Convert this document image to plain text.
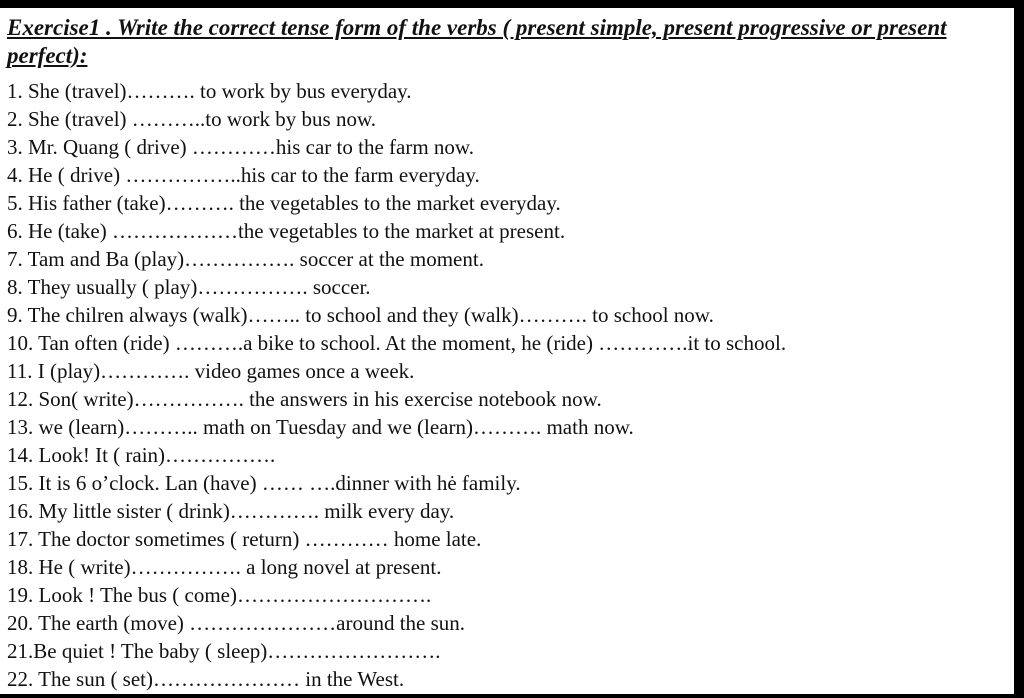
Exercise1 . Write the correct tense form of the verbs ( present simple, present progressive or present perfect):
1. She (travel)………. to work by bus everyday.
2. She (travel) ………..to work by bus now.
3. Mr. Quang ( drive) …………his car to the farm now.
4. He ( drive) ……………..his car to the farm everyday.
5. His father (take)………. the vegetables to the market everyday.
6. He (take) ………………the vegetables to the market at present.
7. Tam and Ba (play)……………. soccer at the moment.
8. They usually ( play)……………. soccer.
9. The chilren always (walk)…….. to school and they (walk)………. to school now.
10. Tan often (ride) ……….a bike to school. At the moment, he (ride) ………….it to school.
11. I (play)…………. video games once a week.
12. Son( write)……………. the answers in his exercise notebook now.
13. we (learn)……….. math on Tuesday and we (learn)………. math now.
14. Look! It ( rain)…………….
15. It is 6 o’clock. Lan (have) …… ….dinner with hė family.
16. My little sister ( drink)…………. milk every day.
17. The doctor sometimes ( return) ………… home late.
18. He ( write)……………. a long novel at present.
19. Look ! The bus ( come)……………………….
20. The earth (move) …………………around the sun.
21.Be quiet ! The baby ( sleep)…………………….
22. The sun ( set)………………… in the West.
